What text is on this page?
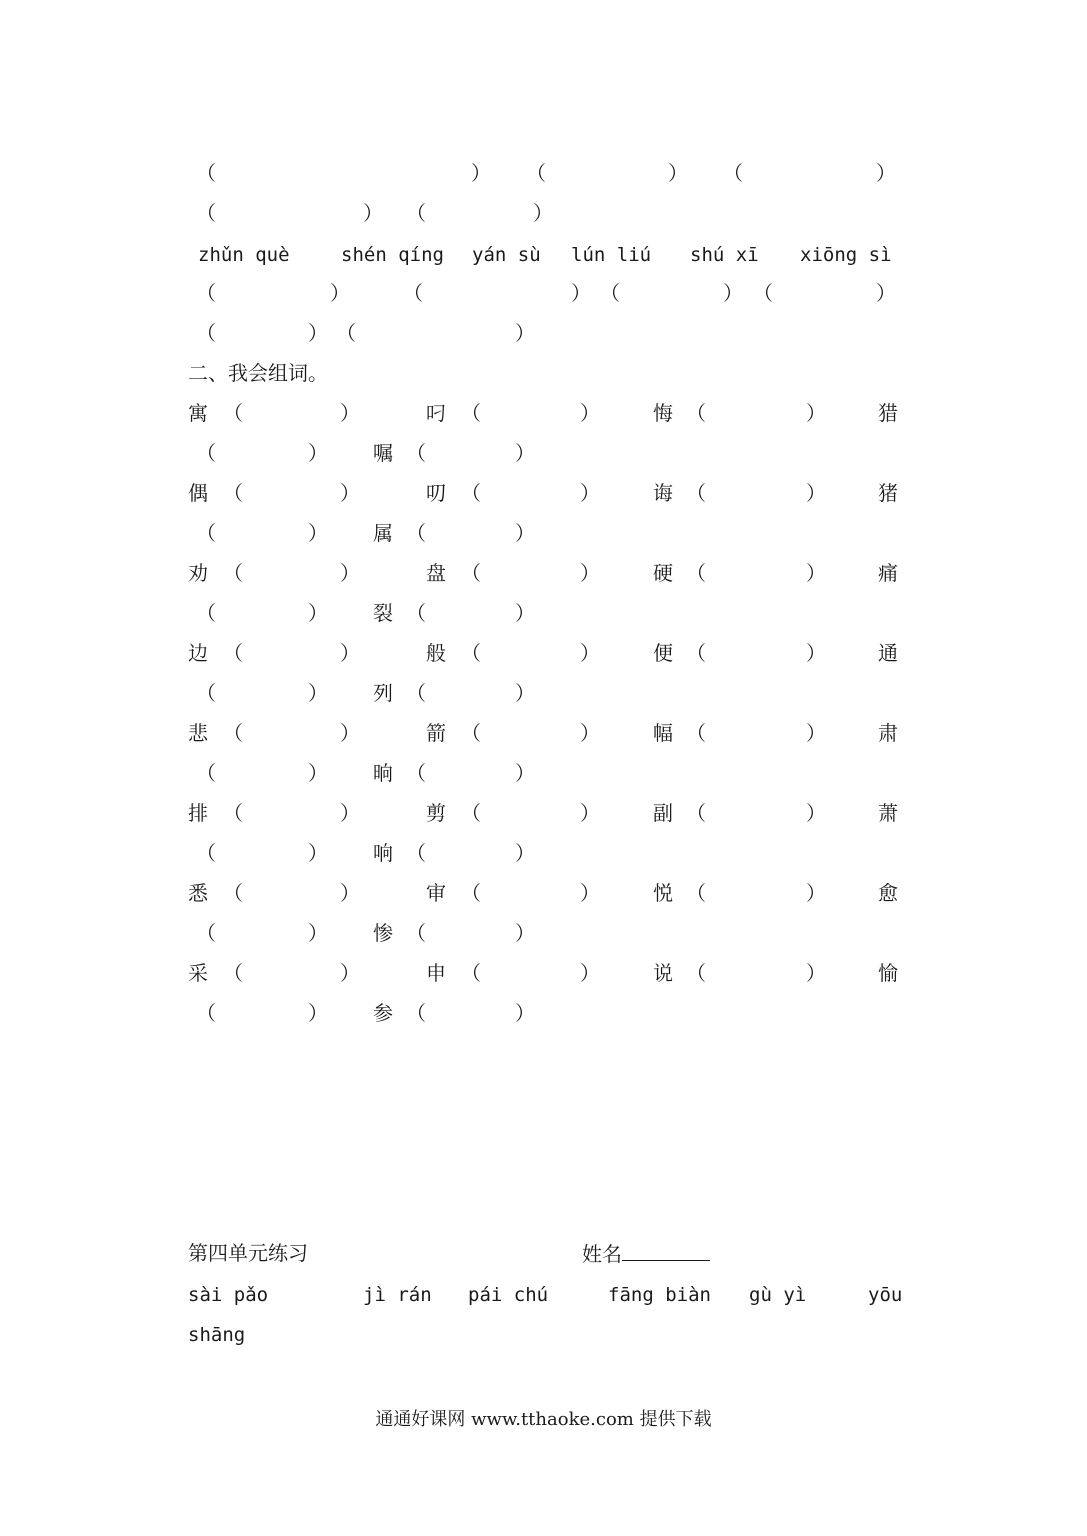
（	） （	） （	）
（	） （	）
zhǔn què	shén qíng yán sù lún liú shú xī xiōng sì
（	）	（	） （	） （	）
（	） （	）
二、我会组词。
寓 （	）	叼 （	）	悔 （	）	猎
（	） 嘱 （	）
偶 （	）	叨 （	）	诲 （	）	猪
（	） 属 （	）
劝 （	）	盘 （	）	硬 （	）	痛
（	） 裂 （	）
边 （	）	般 （	）	便 （	）	通
（	） 列 （	）
悲 （	）	箭 （	）	幅 （	）	肃
（	） 晌 （	）
排 （	）	剪 （	）	副 （	）	萧
（	） 响 （	）
悉 （	）	审 （	）	悦 （	）	愈
（	） 惨 （	）
采 （	）	申 （	）	说 （	）	愉
（	） 参 （	）
第四单元练习	姓名
sài pǎo	jì rán pái chú	fāng biàn gù yì	yōu
shāng
通通好课网 www.tthaoke.com 提供下载
